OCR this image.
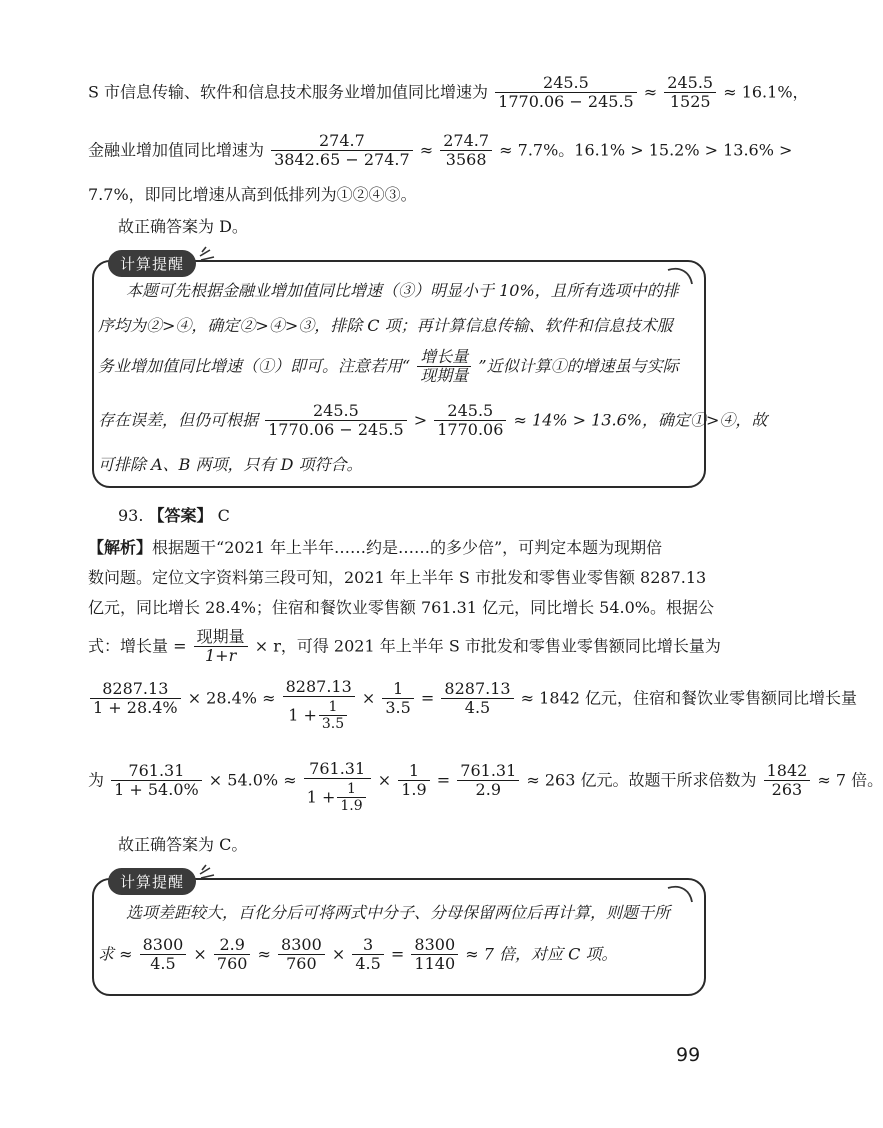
S 市信息传输、软件和信息技术服务业增加值同比增速为 $\frac{245.5}{1770.06 - 245.5} \approx \frac{245.5}{1525} \approx 16.1\%$，
金融业增加值同比增速为 $\frac{274.7}{3842.65 - 274.7} \approx \frac{274.7}{3568} \approx 7.7\%$。16.1% > 15.2% > 13.6% >
7.7%，即同比增速从高到低排列为①②④③。
故正确答案为 D。
计算提醒
本题可先根据金融业增加值同比增速（③）明显小于 10%，且所有选项中的排
序均为②>④，确定②>④>③，排除 C 项；再计算信息传输、软件和信息技术服
务业增加值同比增速（①）即可。注意若用“ $\frac{\text{增长量}}{\text{现期量}}$ ”近似计算①的增速虽与实际
存在误差，但仍可根据 $\frac{245.5}{1770.06 - 245.5} > \frac{245.5}{1770.06} \approx 14\% > 13.6\%$，确定①>④，故
可排除 A、B 两项，只有 D 项符合。
93. 【答案】 C
【解析】根据题干“2021 年上半年……约是……的多少倍”，可判定本题为现期倍
数问题。定位文字资料第三段可知，2021 年上半年 S 市批发和零售业零售额 8287.13
亿元，同比增长 28.4%；住宿和餐饮业零售额 761.31 亿元，同比增长 54.0%。根据公
式：增长量 = $\frac{\text{现期量}}{1+r} \times r$，可得 2021 年上半年 S 市批发和零售业零售额同比增长量为
$\frac{8287.13}{1 + 28.4\%} \times 28.4\% \approx \frac{8287.13}{1 + \frac{1}{3.5}} \times \frac{1}{3.5} = \frac{8287.13}{4.5} \approx 1842$ 亿元，住宿和餐饮业零售额同比增长量
为 $\frac{761.31}{1 + 54.0\%} \times 54.0\% \approx \frac{761.31}{1 + \frac{1}{1.9}} \times \frac{1}{1.9} = \frac{761.31}{2.9} \approx 263$ 亿元。故题干所求倍数为 $\frac{1842}{263} \approx 7$ 倍。
故正确答案为 C。
计算提醒
选项差距较大，百化分后可将两式中分子、分母保留两位后再计算，则题干所
求 ≈ $\frac{8300}{4.5} \times \frac{2.9}{760} \approx \frac{8300}{760} \times \frac{3}{4.5} = \frac{8300}{1140} \approx 7$ 倍，对应 C 项。
99
